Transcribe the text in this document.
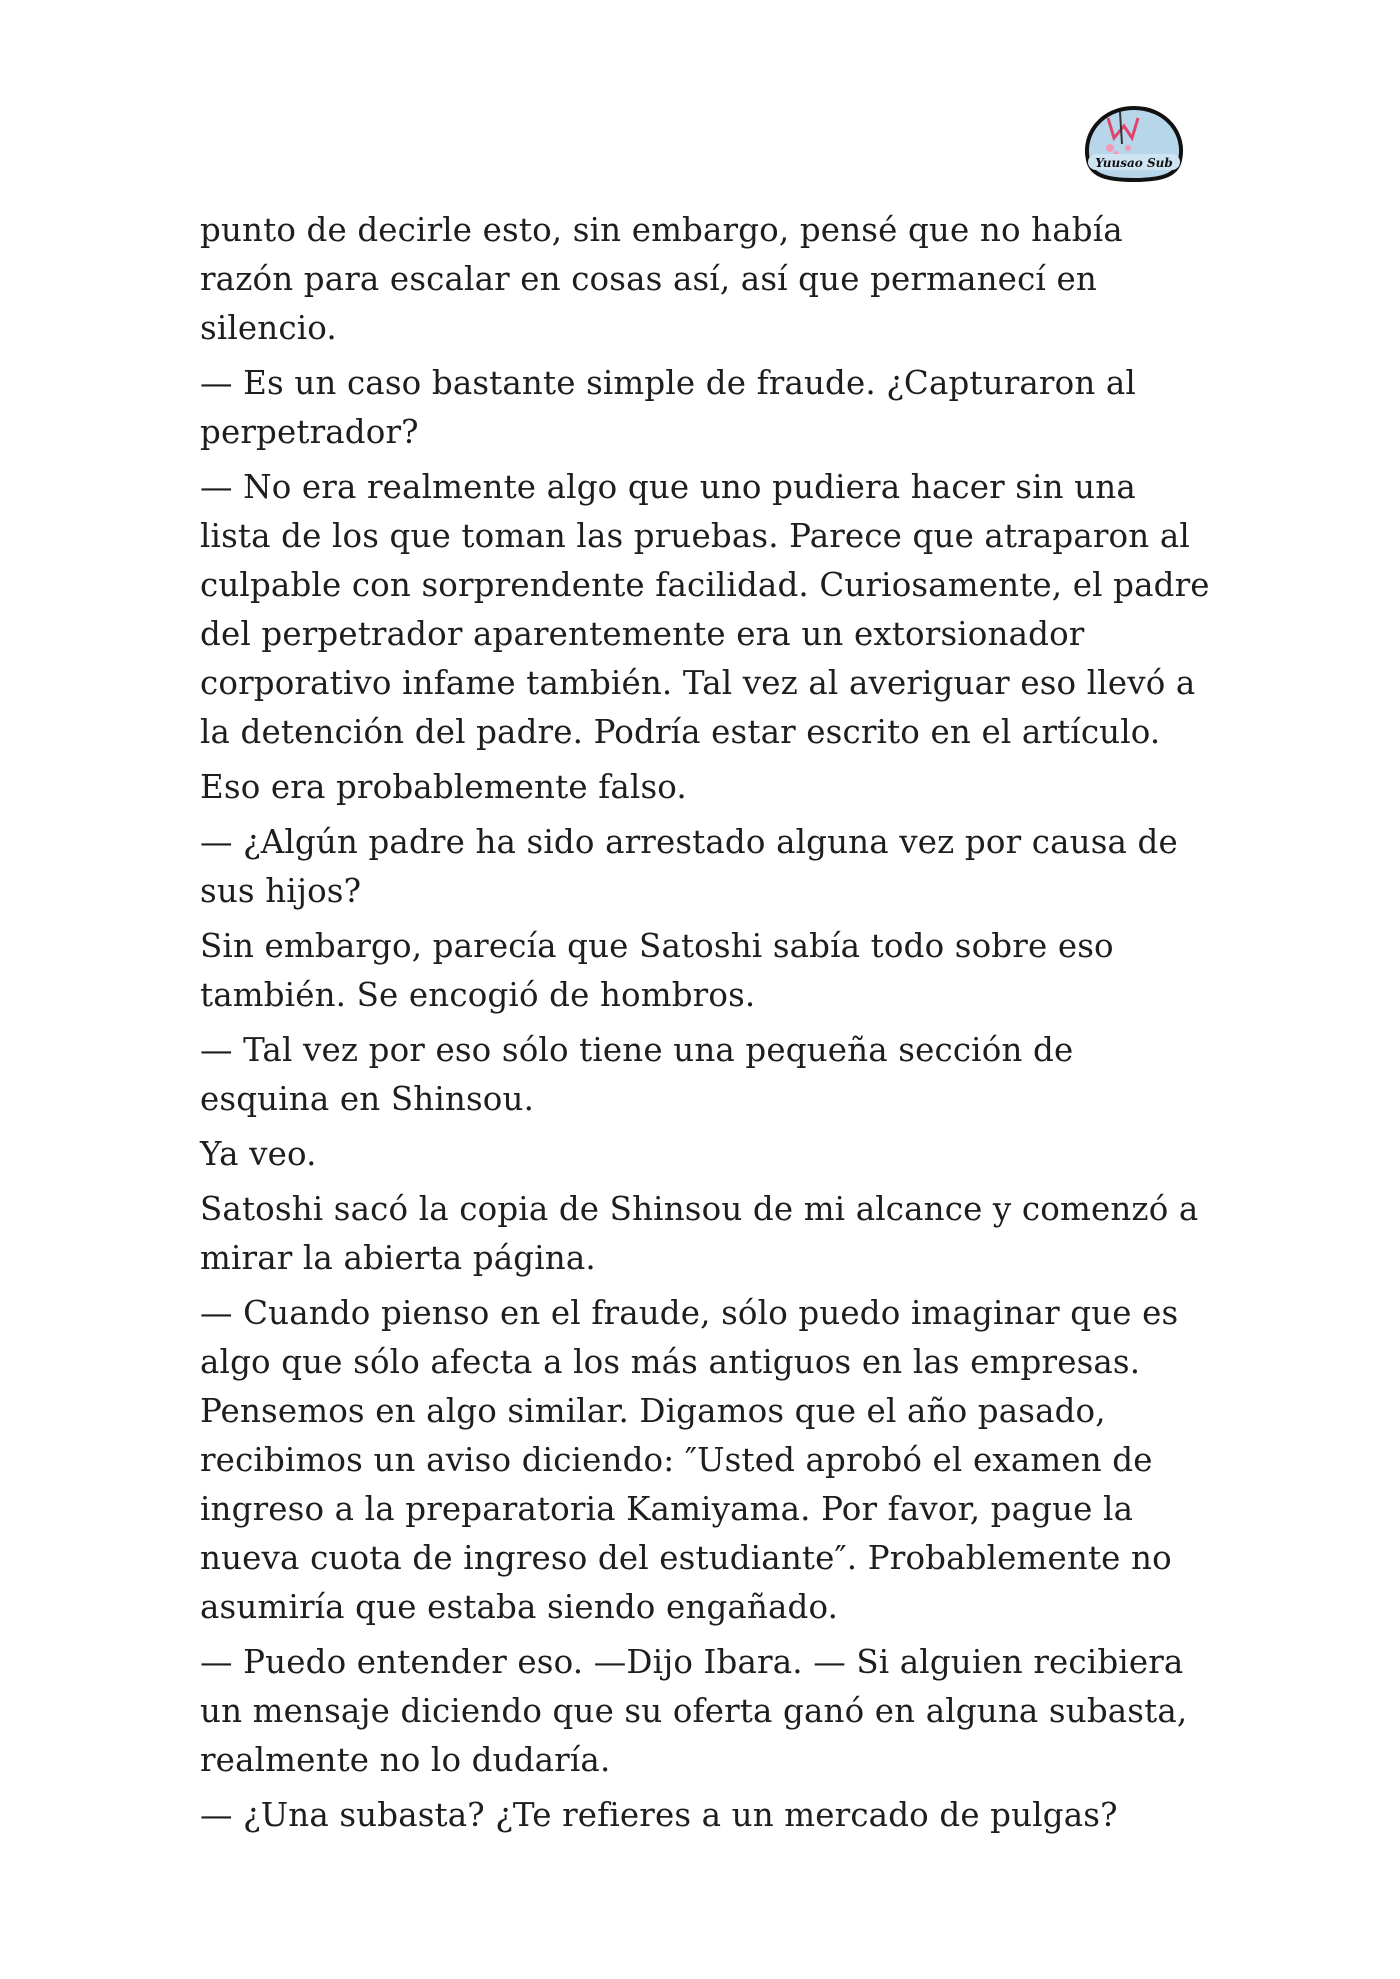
Yuusao Sub

punto de decirle esto, sin embargo, pensé que no había razón para escalar en cosas así, así que permanecí en silencio.

— Es un caso bastante simple de fraude. ¿Capturaron al perpetrador?

— No era realmente algo que uno pudiera hacer sin una lista de los que toman las pruebas. Parece que atraparon al culpable con sorprendente facilidad. Curiosamente, el padre del perpetrador aparentemente era un extorsionador corporativo infame también. Tal vez al averiguar eso llevó a la detención del padre. Podría estar escrito en el artículo.

Eso era probablemente falso.

— ¿Algún padre ha sido arrestado alguna vez por causa de sus hijos?

Sin embargo, parecía que Satoshi sabía todo sobre eso también. Se encogió de hombros.

— Tal vez por eso sólo tiene una pequeña sección de esquina en Shinsou.

Ya veo.

Satoshi sacó la copia de Shinsou de mi alcance y comenzó a mirar la abierta página.

— Cuando pienso en el fraude, sólo puedo imaginar que es algo que sólo afecta a los más antiguos en las empresas. Pensemos en algo similar. Digamos que el año pasado, recibimos un aviso diciendo: ″Usted aprobó el examen de ingreso a la preparatoria Kamiyama. Por favor, pague la nueva cuota de ingreso del estudiante″. Probablemente no asumiría que estaba siendo engañado.

— Puedo entender eso. —Dijo Ibara. — Si alguien recibiera un mensaje diciendo que su oferta ganó en alguna subasta, realmente no lo dudaría.

— ¿Una subasta? ¿Te refieres a un mercado de pulgas?
